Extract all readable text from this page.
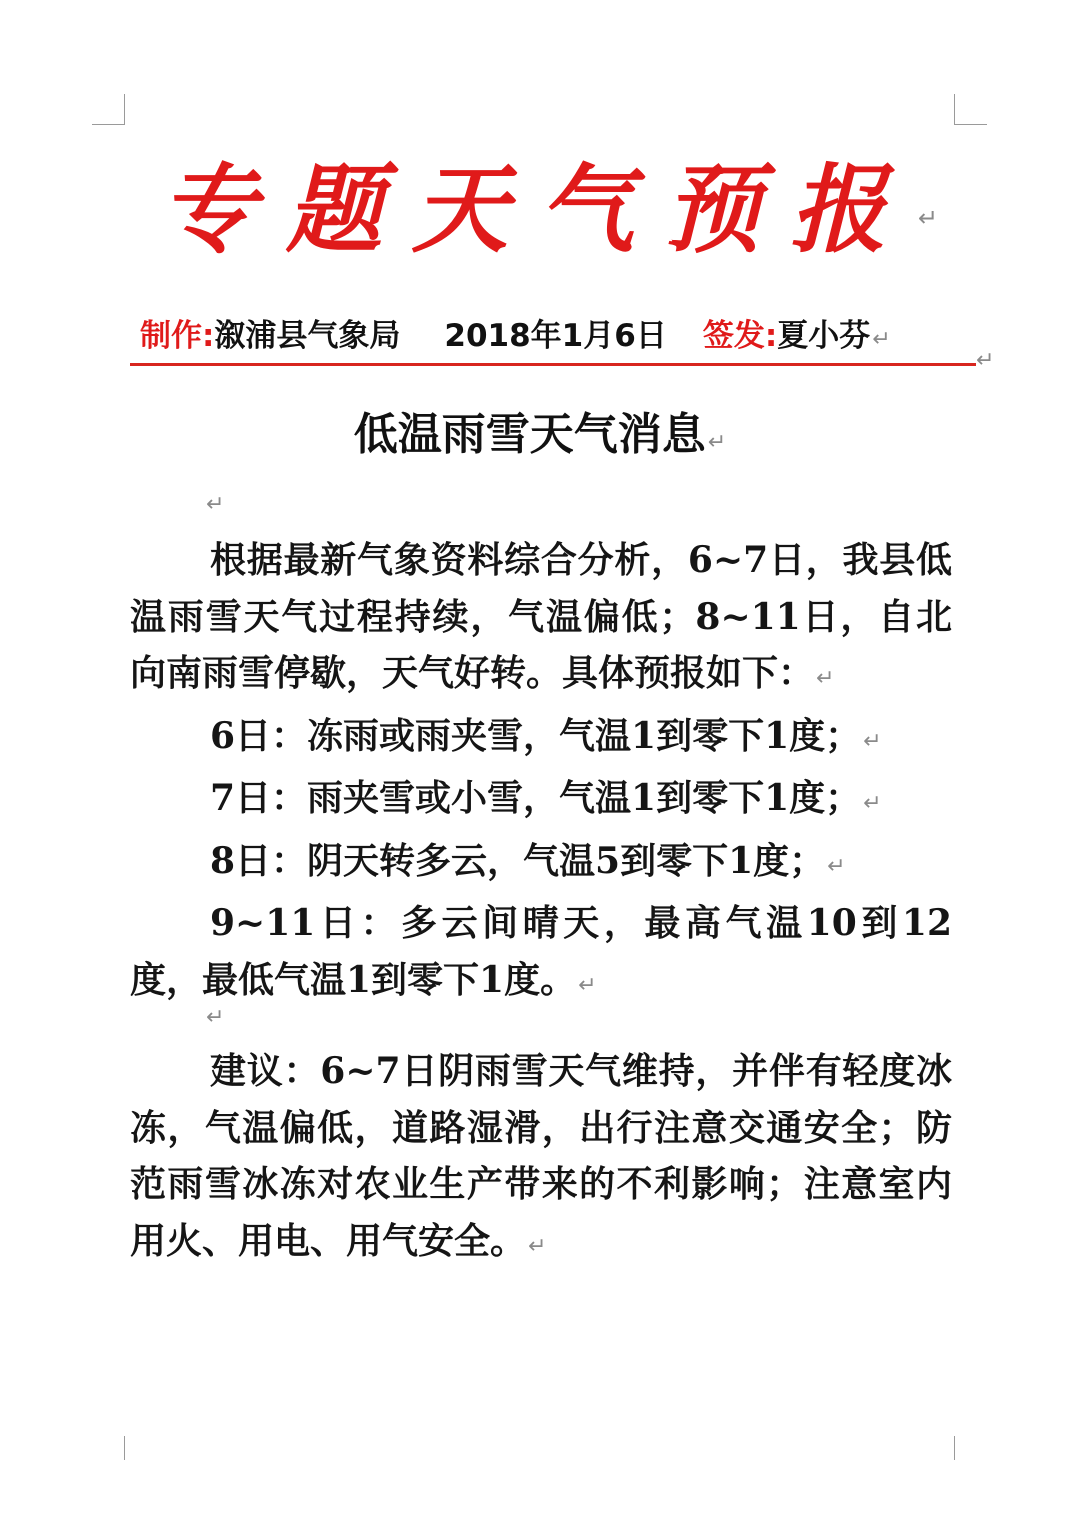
专题天气预报↵
制作:溆浦县气象局 2018年1月6日 签发:夏小芬↵
↵
低温雨雪天气消息↵
↵

根据最新气象资料综合分析，6~7日，我县低温雨雪天气过程持续，气温偏低；8~11日，自北向南雨雪停歇，天气好转。具体预报如下：↵

6日：冻雨或雨夹雪，气温1到零下1度；↵

7日：雨夹雪或小雪，气温1到零下1度；↵

8日：阴天转多云，气温5到零下1度；↵

9~11日：多云间晴天，最高气温10到12度，最低气温1到零下1度。↵

↵

建议：6~7日阴雨雪天气维持，并伴有轻度冰冻，气温偏低，道路湿滑，出行注意交通安全；防范雨雪冰冻对农业生产带来的不利影响；注意室内用火、用电、用气安全。↵
